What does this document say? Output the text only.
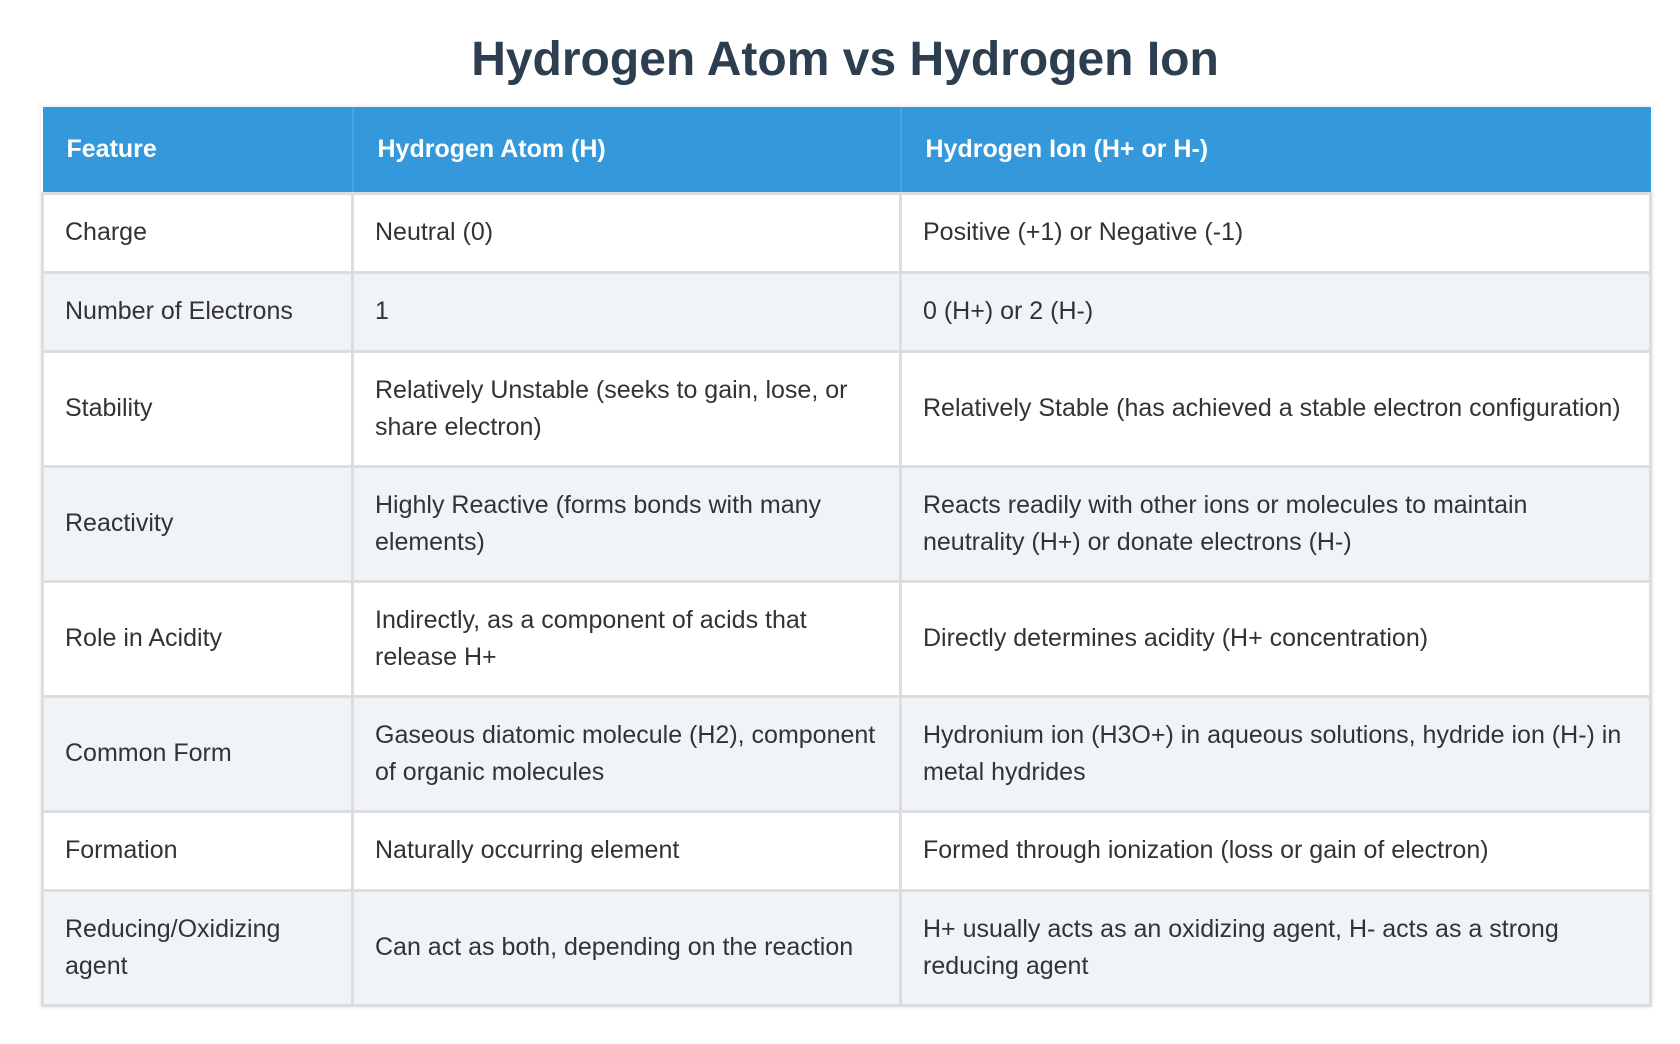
Hydrogen Atom vs Hydrogen Ion
Feature	Hydrogen Atom (H)	Hydrogen Ion (H+ or H-)
Charge	Neutral (0)	Positive (+1) or Negative (-1)
Number of Electrons	1	0 (H+) or 2 (H-)
Stability	Relatively Unstable (seeks to gain, lose, or share electron)	Relatively Stable (has achieved a stable electron configuration)
Reactivity	Highly Reactive (forms bonds with many elements)	Reacts readily with other ions or molecules to maintain neutrality (H+) or donate electrons (H-)
Role in Acidity	Indirectly, as a component of acids that release H+	Directly determines acidity (H+ concentration)
Common Form	Gaseous diatomic molecule (H2), component of organic molecules	Hydronium ion (H3O+) in aqueous solutions, hydride ion (H-) in metal hydrides
Formation	Naturally occurring element	Formed through ionization (loss or gain of electron)
Reducing/Oxidizing agent	Can act as both, depending on the reaction	H+ usually acts as an oxidizing agent, H- acts as a strong reducing agent
